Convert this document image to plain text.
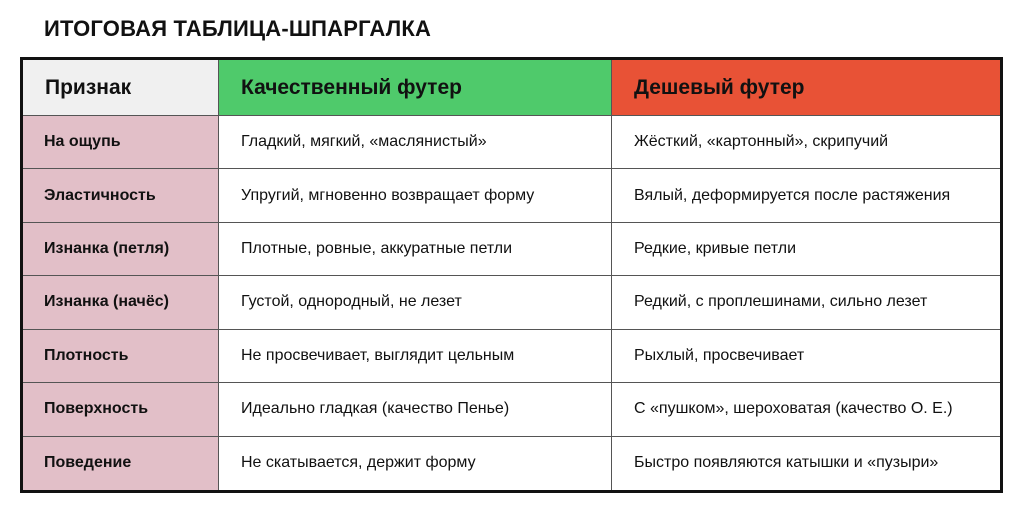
ИТОГОВАЯ ТАБЛИЦА-ШПАРГАЛКА
Признак	Качественный футер	Дешевый футер
На ощупь	Гладкий, мягкий, «маслянистый»	Жёсткий, «картонный», скрипучий
Эластичность	Упругий, мгновенно возвращает форму	Вялый, деформируется после растяжения
Изнанка (петля)	Плотные, ровные, аккуратные петли	Редкие, кривые петли
Изнанка (начёс)	Густой, однородный, не лезет	Редкий, с проплешинами, сильно лезет
Плотность	Не просвечивает, выглядит цельным	Рыхлый, просвечивает
Поверхность	Идеально гладкая (качество Пенье)	С «пушком», шероховатая (качество О. Е.)
Поведение	Не скатывается, держит форму	Быстро появляются катышки и «пузыри»
